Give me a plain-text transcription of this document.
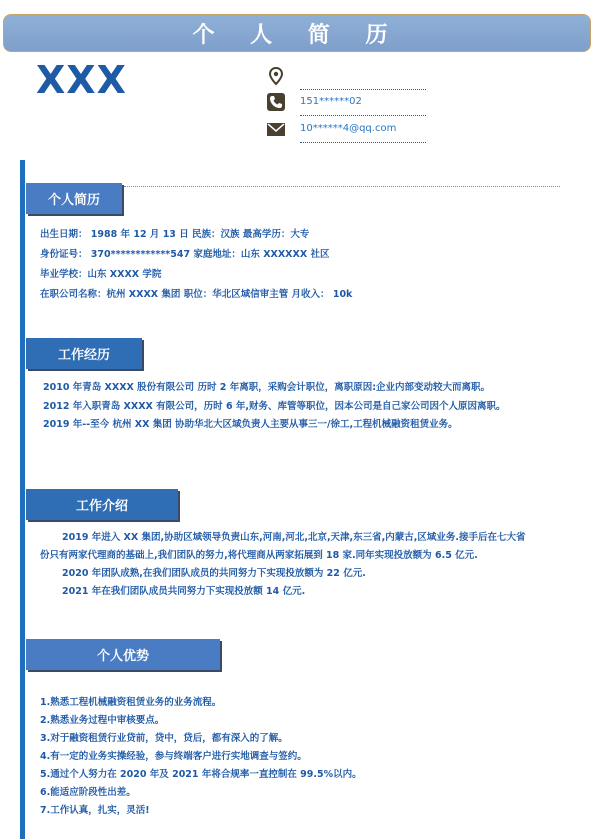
个 人 简 历
XXX	151******02
10******4@qq.com
个人简历
出生日期： 1988 年 12 月 13 日 民族：汉族 最高学历：大专
身份证号： 370************547 家庭地址：山东 XXXXXX 社区
毕业学校：山东 XXXX 学院
在职公司名称：杭州 XXXX 集团 职位：华北区域信审主管 月收入： 10k
工作经历
2010 年青岛 XXXX 股份有限公司 历时 2 年离职，采购会计职位，离职原因:企业内部变动较大而离职。
2012 年入职青岛 XXXX 有限公司，历时 6 年,财务、库管等职位，因本公司是自己家公司因个人原因离职。
2019 年--至今 杭州 XX 集团 协助华北大区域负责人主要从事三一/徐工,工程机械融资租赁业务。
工作介绍
2019 年进入 XX 集团,协助区域领导负责山东,河南,河北,北京,天津,东三省,内蒙古,区域业务.接手后在七大省
份只有两家代理商的基础上,我们团队的努力,将代理商从两家拓展到 18 家.同年实现投放额为 6.5 亿元.
2020 年团队成熟,在我们团队成员的共同努力下实现投放额为 22 亿元.
2021 年在我们团队成员共同努力下实现投放额 14 亿元.
个人优势
1.熟悉工程机械融资租赁业务的业务流程。
2.熟悉业务过程中审核要点。
3.对于融资租赁行业贷前，贷中，贷后，都有深入的了解。
4.有一定的业务实操经验，参与终端客户进行实地调查与签约。
5.通过个人努力在 2020 年及 2021 年将合规率一直控制在 99.5%以内。
6.能适应阶段性出差。
7.工作认真，扎实，灵活!
